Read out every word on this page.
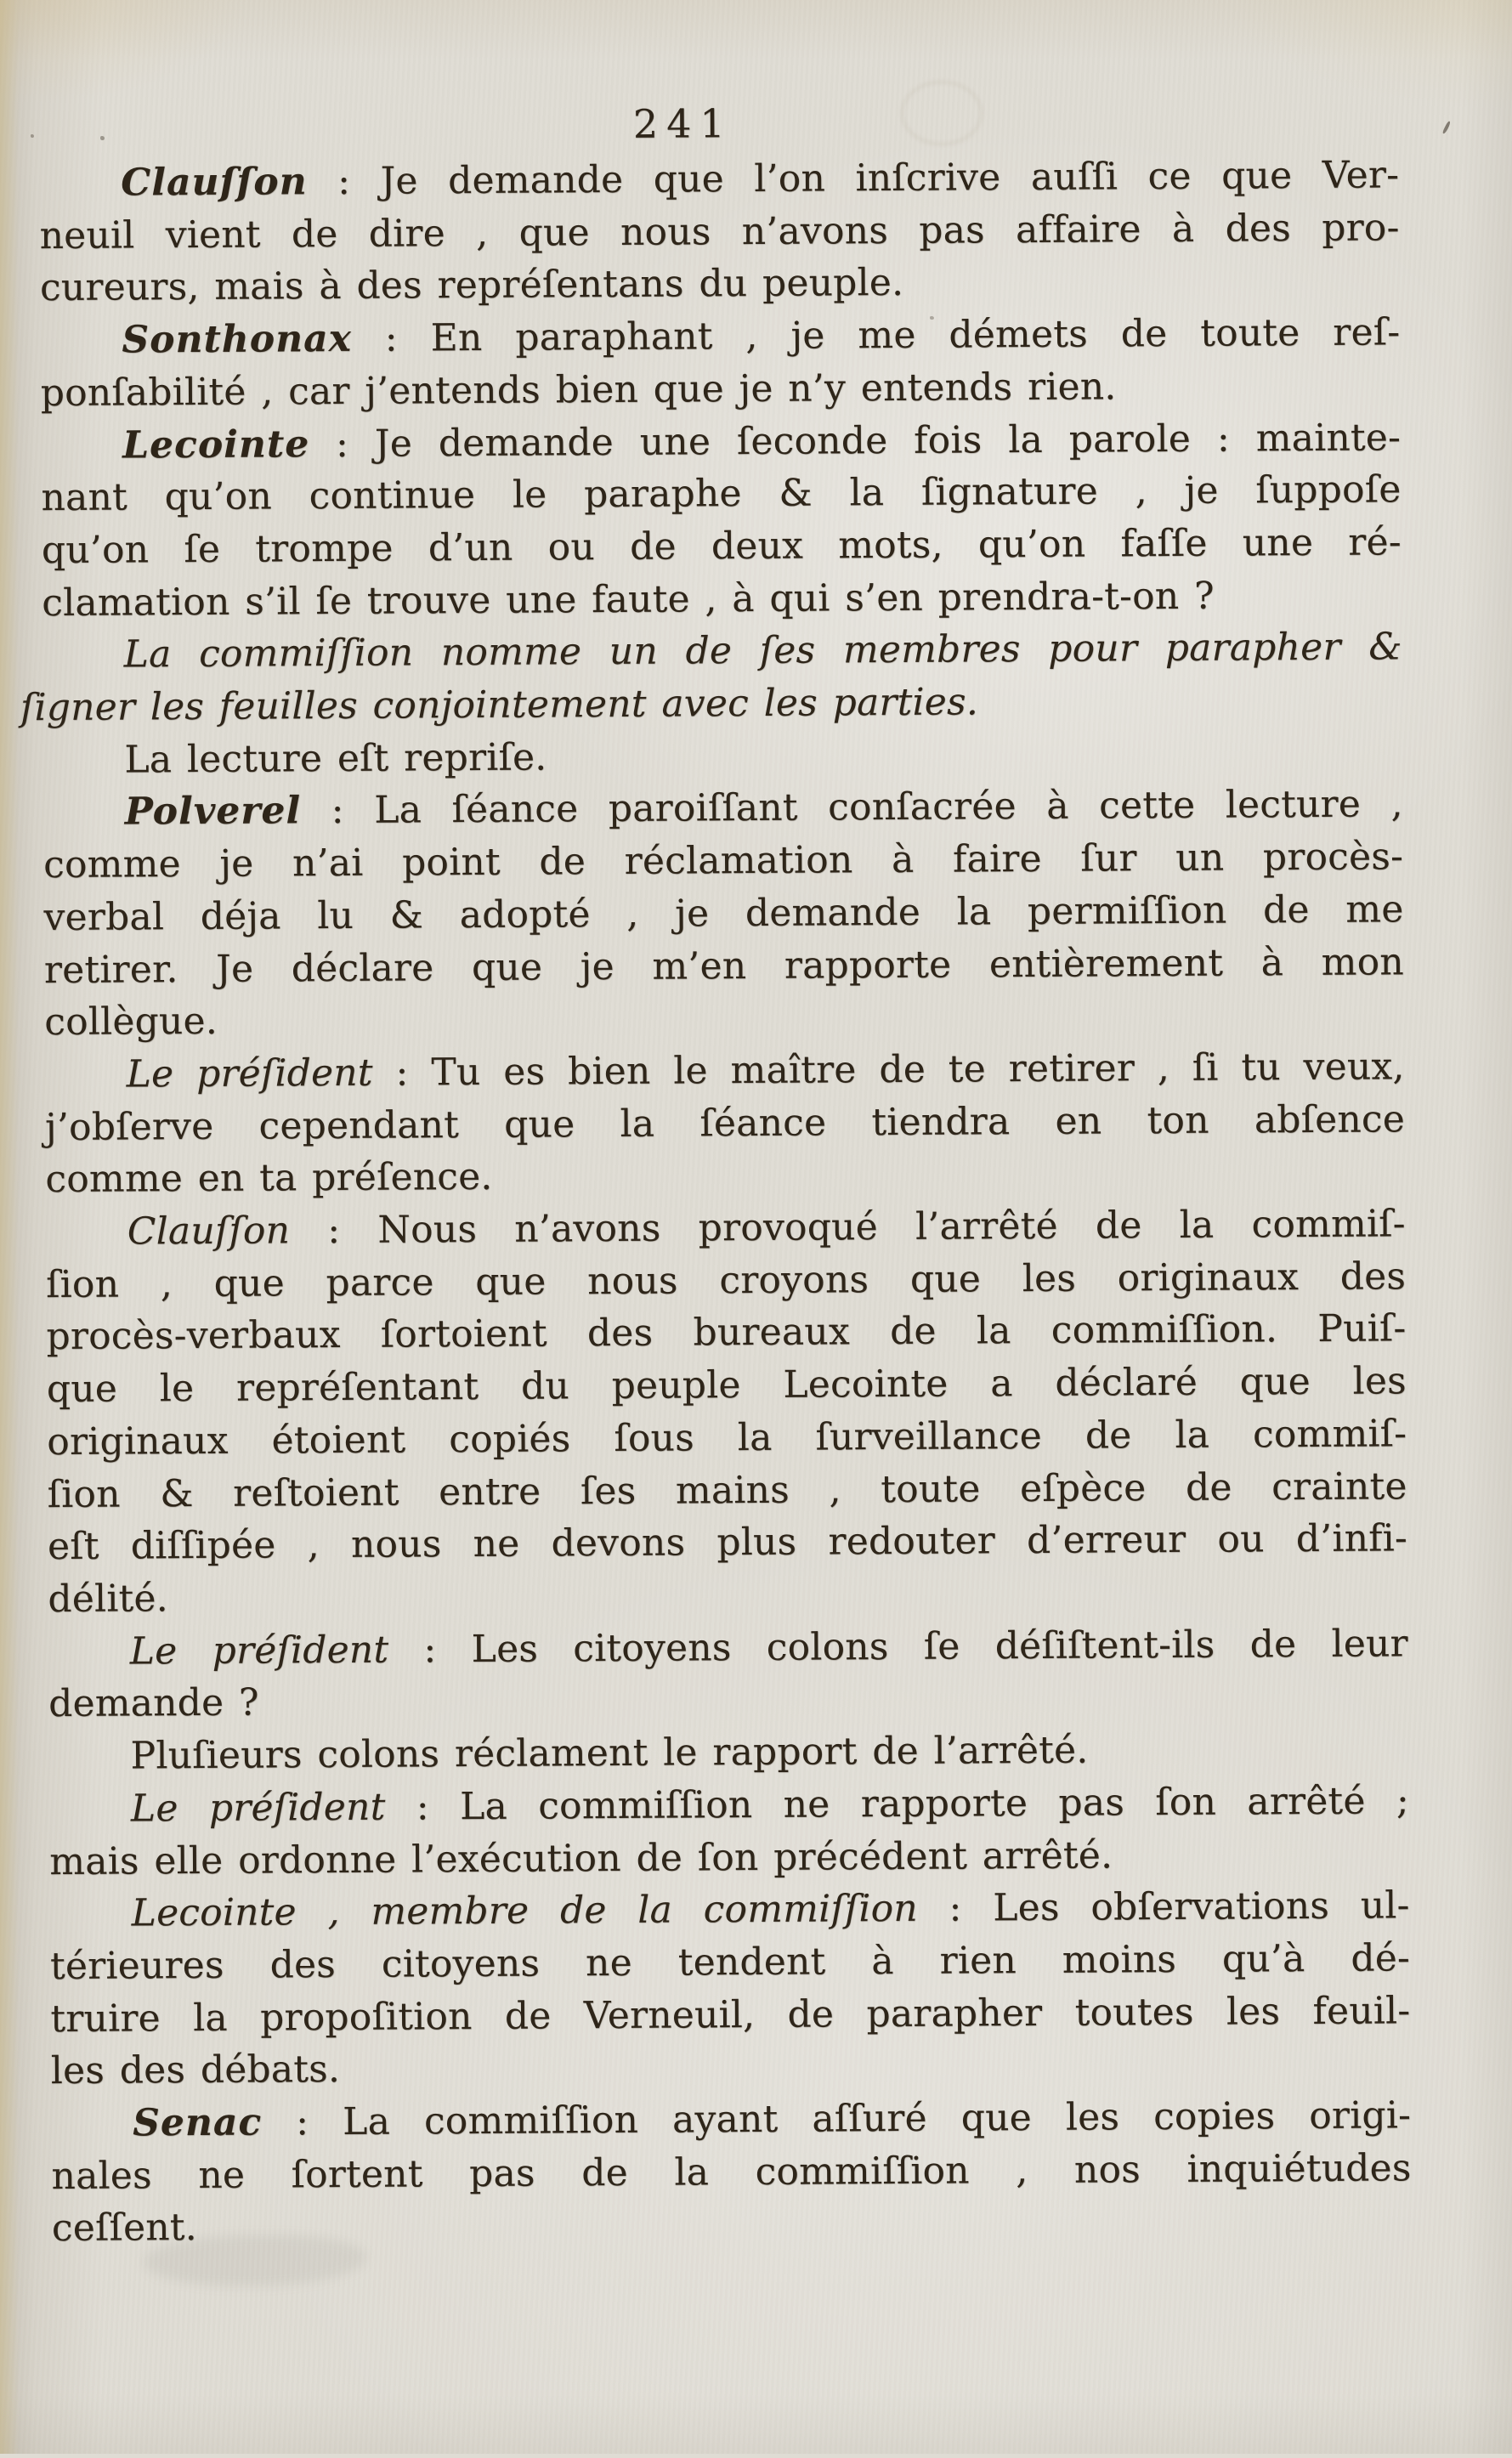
241
Clauſſon : Je demande que l’on inſcrive auſſi ce que Ver-
neuil vient de dire , que nous n’avons pas affaire à des pro-
cureurs, mais à des repréſentans du peuple.
Sonthonax : En paraphant , je me démets de toute reſ-
ponſabilité , car j’entends bien que je n’y entends rien.
Lecointe : Je demande une ſeconde fois la parole : mainte-
nant qu’on continue le paraphe & la ſignature , je ſuppoſe
qu’on ſe trompe d’un ou de deux mots, qu’on faſſe une ré-
clamation s’il ſe trouve une faute , à qui s’en prendra-t-on ?
La commiſſion nomme un de ſes membres pour parapher &
ſigner les feuilles conjointement avec les parties.
La lecture eſt repriſe.
Polverel : La ſéance paroiſſant conſacrée à cette lecture ,
comme je n’ai point de réclamation à faire ſur un procès-
verbal déja lu & adopté , je demande la permiſſion de me
retirer. Je déclare que je m’en rapporte entièrement à mon
collègue.
Le préſident : Tu es bien le maître de te retirer , ſi tu veux,
j’obſerve cependant que la ſéance tiendra en ton abſence
comme en ta préſence.
Clauſſon : Nous n’avons provoqué l’arrêté de la commiſ-
ſion , que parce que nous croyons que les originaux des
procès-verbaux ſortoient des bureaux de la commiſſion. Puiſ-
que le repréſentant du peuple Lecointe a déclaré que les
originaux étoient copiés ſous la ſurveillance de la commiſ-
ſion & reſtoient entre ſes mains , toute eſpèce de crainte
eſt diſſipée , nous ne devons plus redouter d’erreur ou d’infi-
délité.
Le préſident : Les citoyens colons ſe déſiſtent-ils de leur
demande ?
Pluſieurs colons réclament le rapport de l’arrêté.
Le préſident : La commiſſion ne rapporte pas ſon arrêté ;
mais elle ordonne l’exécution de ſon précédent arrêté.
Lecointe , membre de la commiſſion : Les obſervations ul-
térieures des citoyens ne tendent à rien moins qu’à dé-
truire la propoſition de Verneuil, de parapher toutes les feuil-
les des débats.
Senac : La commiſſion ayant aſſuré que les copies origi-
nales ne ſortent pas de la commiſſion , nos inquiétudes
ceſſent.
